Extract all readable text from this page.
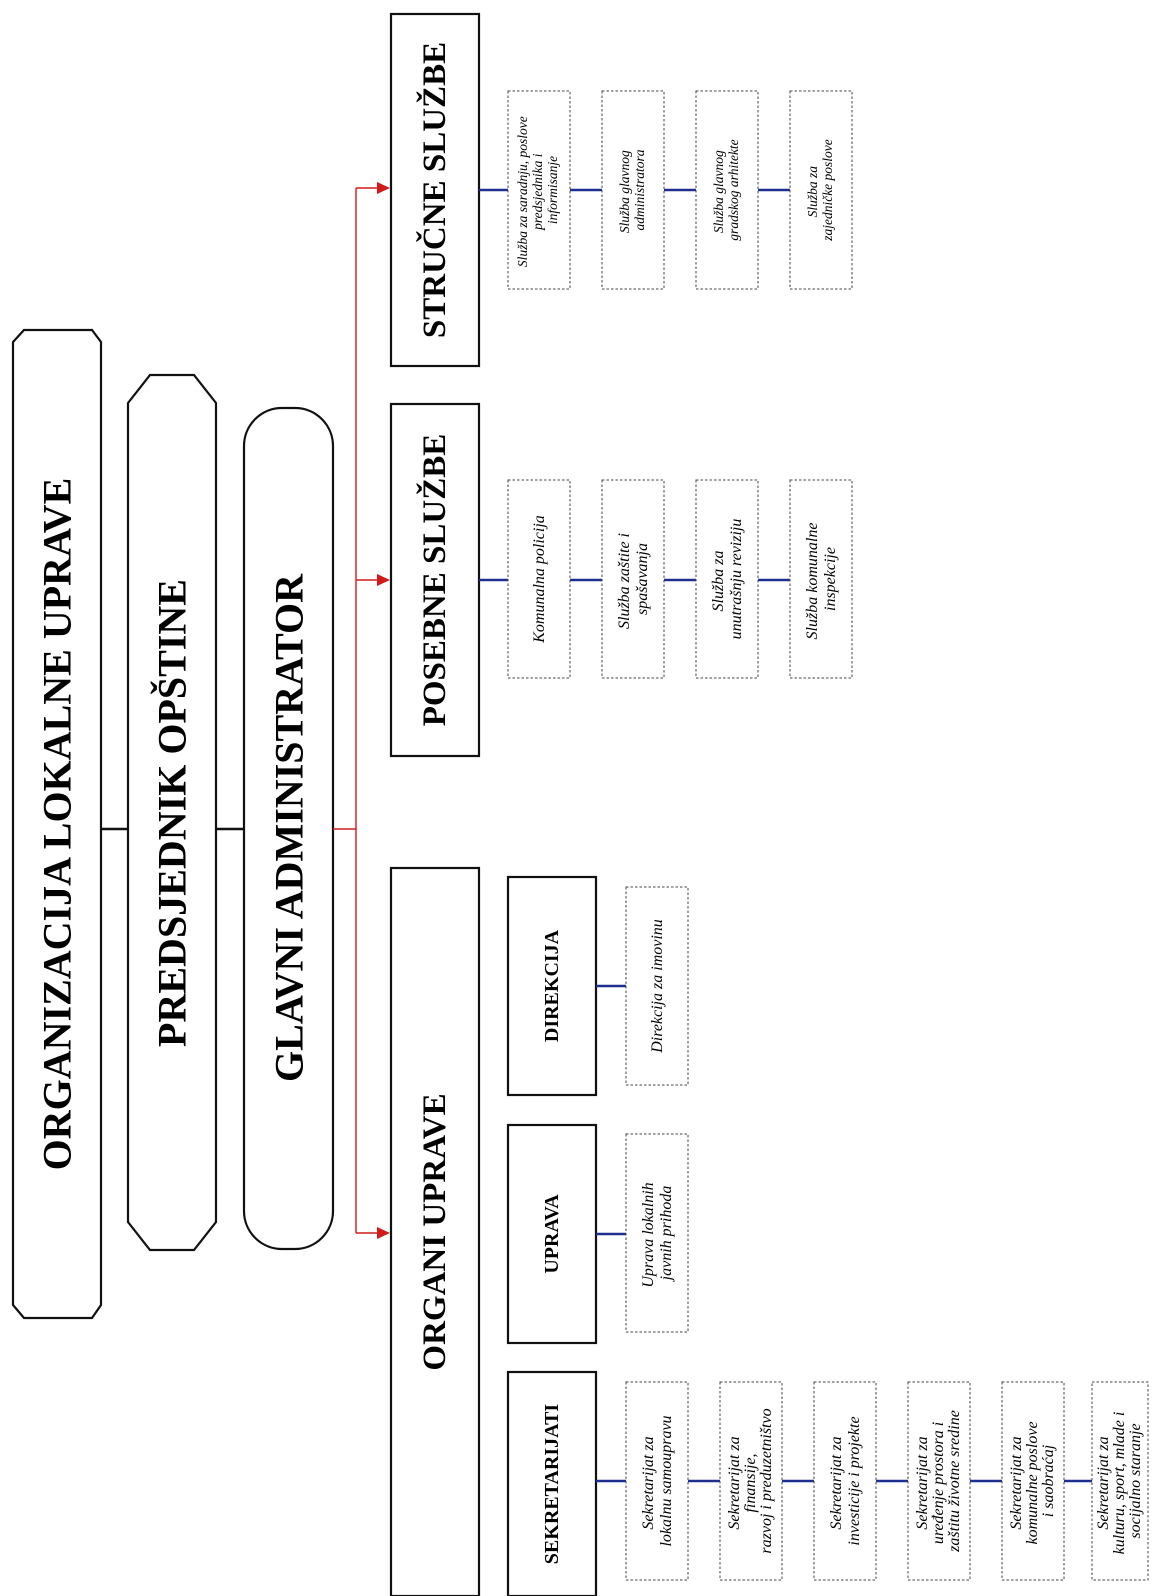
ORGANIZACIJA LOKALNE UPRAVE PREDSJEDNIK OPŠTINE GLAVNI ADMINISTRATOR
STRUČNE SLUŽBE
POSEBNE SLUŽBE
ORGANI UPRAVE
Služba za saradnju, poslove predsjednika i informisanje	Služba glavnog administratora	Služba glavnog gradskog arhitekte	Služba za zajedničke poslove
Komunalna policija	Služba zaštite i spašavanja	Služba za unutrašnju reviziju	Služba komunalne inspekcije
SEKRETARIJATI
UPRAVA
DIREKCIJA
Uprava lokalnih javnih prihoda
Direkcija za imovinu
Sekretarijat za lokalnu samoupravu	Sekretarijat za finansije, razvoj i preduzetništvo	Sekretarijat za investicije i projekte	Sekretarijat za uređenje prostora i zaštitu životne sredine	Sekretarijat za komunalne poslove i saobraćaj Sekretarijat za kulturu, sport, mlade i socijalno staranje
